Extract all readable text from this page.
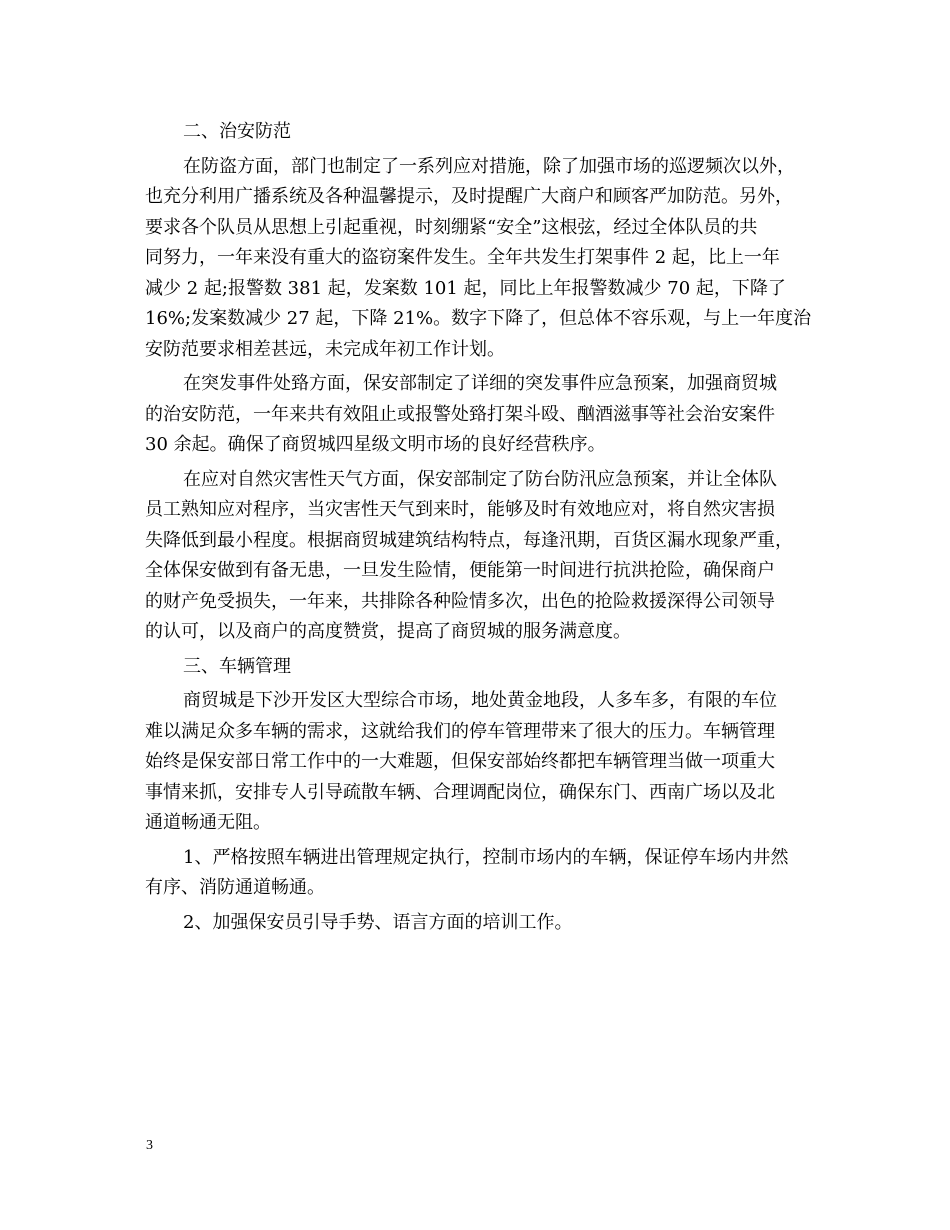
二、治安防范
在防盗方面，部门也制定了一系列应对措施，除了加强市场的巡逻频次以外，
也充分利用广播系统及各种温馨提示，及时提醒广大商户和顾客严加防范。另外，
要求各个队员从思想上引起重视，时刻绷紧“安全”这根弦，经过全体队员的共
同努力，一年来没有重大的盗窃案件发生。全年共发生打架事件 2 起，比上一年
减少 2 起;报警数 381 起，发案数 101 起，同比上年报警数减少 70 起，下降了
16%;发案数减少 27 起，下降 21%。数字下降了，但总体不容乐观，与上一年度治
安防范要求相差甚远，未完成年初工作计划。
在突发事件处臵方面，保安部制定了详细的突发事件应急预案，加强商贸城
的治安防范，一年来共有效阻止或报警处臵打架斗殴、酗酒滋事等社会治安案件
30 余起。确保了商贸城四星级文明市场的良好经营秩序。
在应对自然灾害性天气方面，保安部制定了防台防汛应急预案，并让全体队
员工熟知应对程序，当灾害性天气到来时，能够及时有效地应对，将自然灾害损
失降低到最小程度。根据商贸城建筑结构特点，每逢汛期，百货区漏水现象严重，
全体保安做到有备无患，一旦发生险情，便能第一时间进行抗洪抢险，确保商户
的财产免受损失，一年来，共排除各种险情多次，出色的抢险救援深得公司领导
的认可，以及商户的高度赞赏，提高了商贸城的服务满意度。
三、车辆管理
商贸城是下沙开发区大型综合市场，地处黄金地段，人多车多，有限的车位
难以满足众多车辆的需求，这就给我们的停车管理带来了很大的压力。车辆管理
始终是保安部日常工作中的一大难题，但保安部始终都把车辆管理当做一项重大
事情来抓，安排专人引导疏散车辆、合理调配岗位，确保东门、西南广场以及北
通道畅通无阻。
1、严格按照车辆进出管理规定执行，控制市场内的车辆，保证停车场内井然
有序、消防通道畅通。
2、加强保安员引导手势、语言方面的培训工作。
3
